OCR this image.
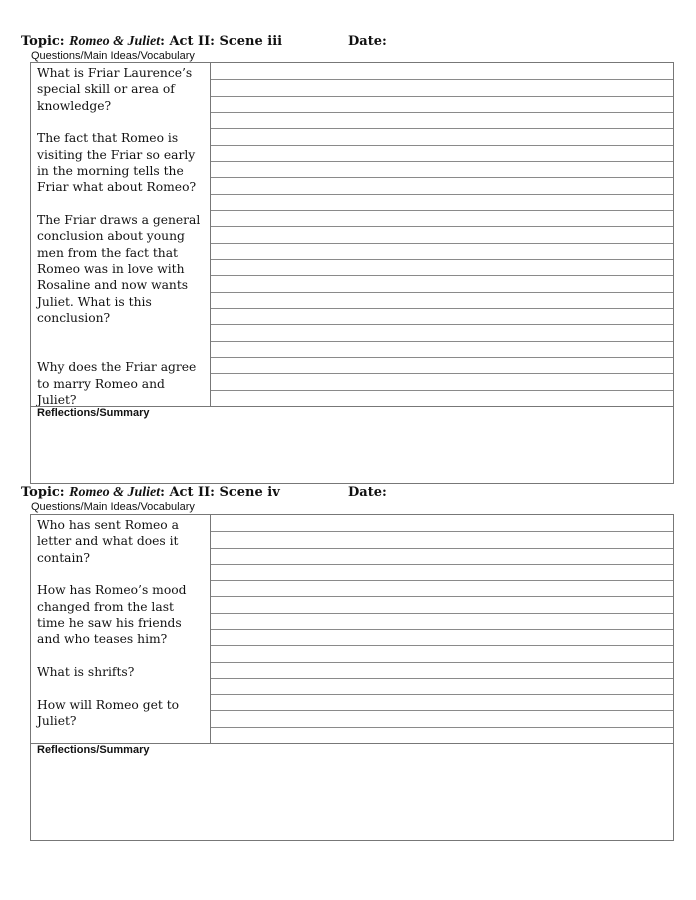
Topic: Romeo & Juliet: Act II: Scene iii	Date:
Questions/Main Ideas/Vocabulary

What is Friar Laurence’s special skill or area of knowledge?

The fact that Romeo is visiting the Friar so early in the morning tells the Friar what about Romeo?

The Friar draws a general conclusion about young men from the fact that Romeo was in love with Rosaline and now wants Juliet. What is this conclusion?

Why does the Friar agree to marry Romeo and Juliet?

Reflections/Summary
Topic: Romeo & Juliet: Act II: Scene iv	Date:
Questions/Main Ideas/Vocabulary

Who has sent Romeo a letter and what does it contain?

How has Romeo’s mood changed from the last time he saw his friends and who teases him?

What is shrifts?

How will Romeo get to Juliet?

Reflections/Summary
